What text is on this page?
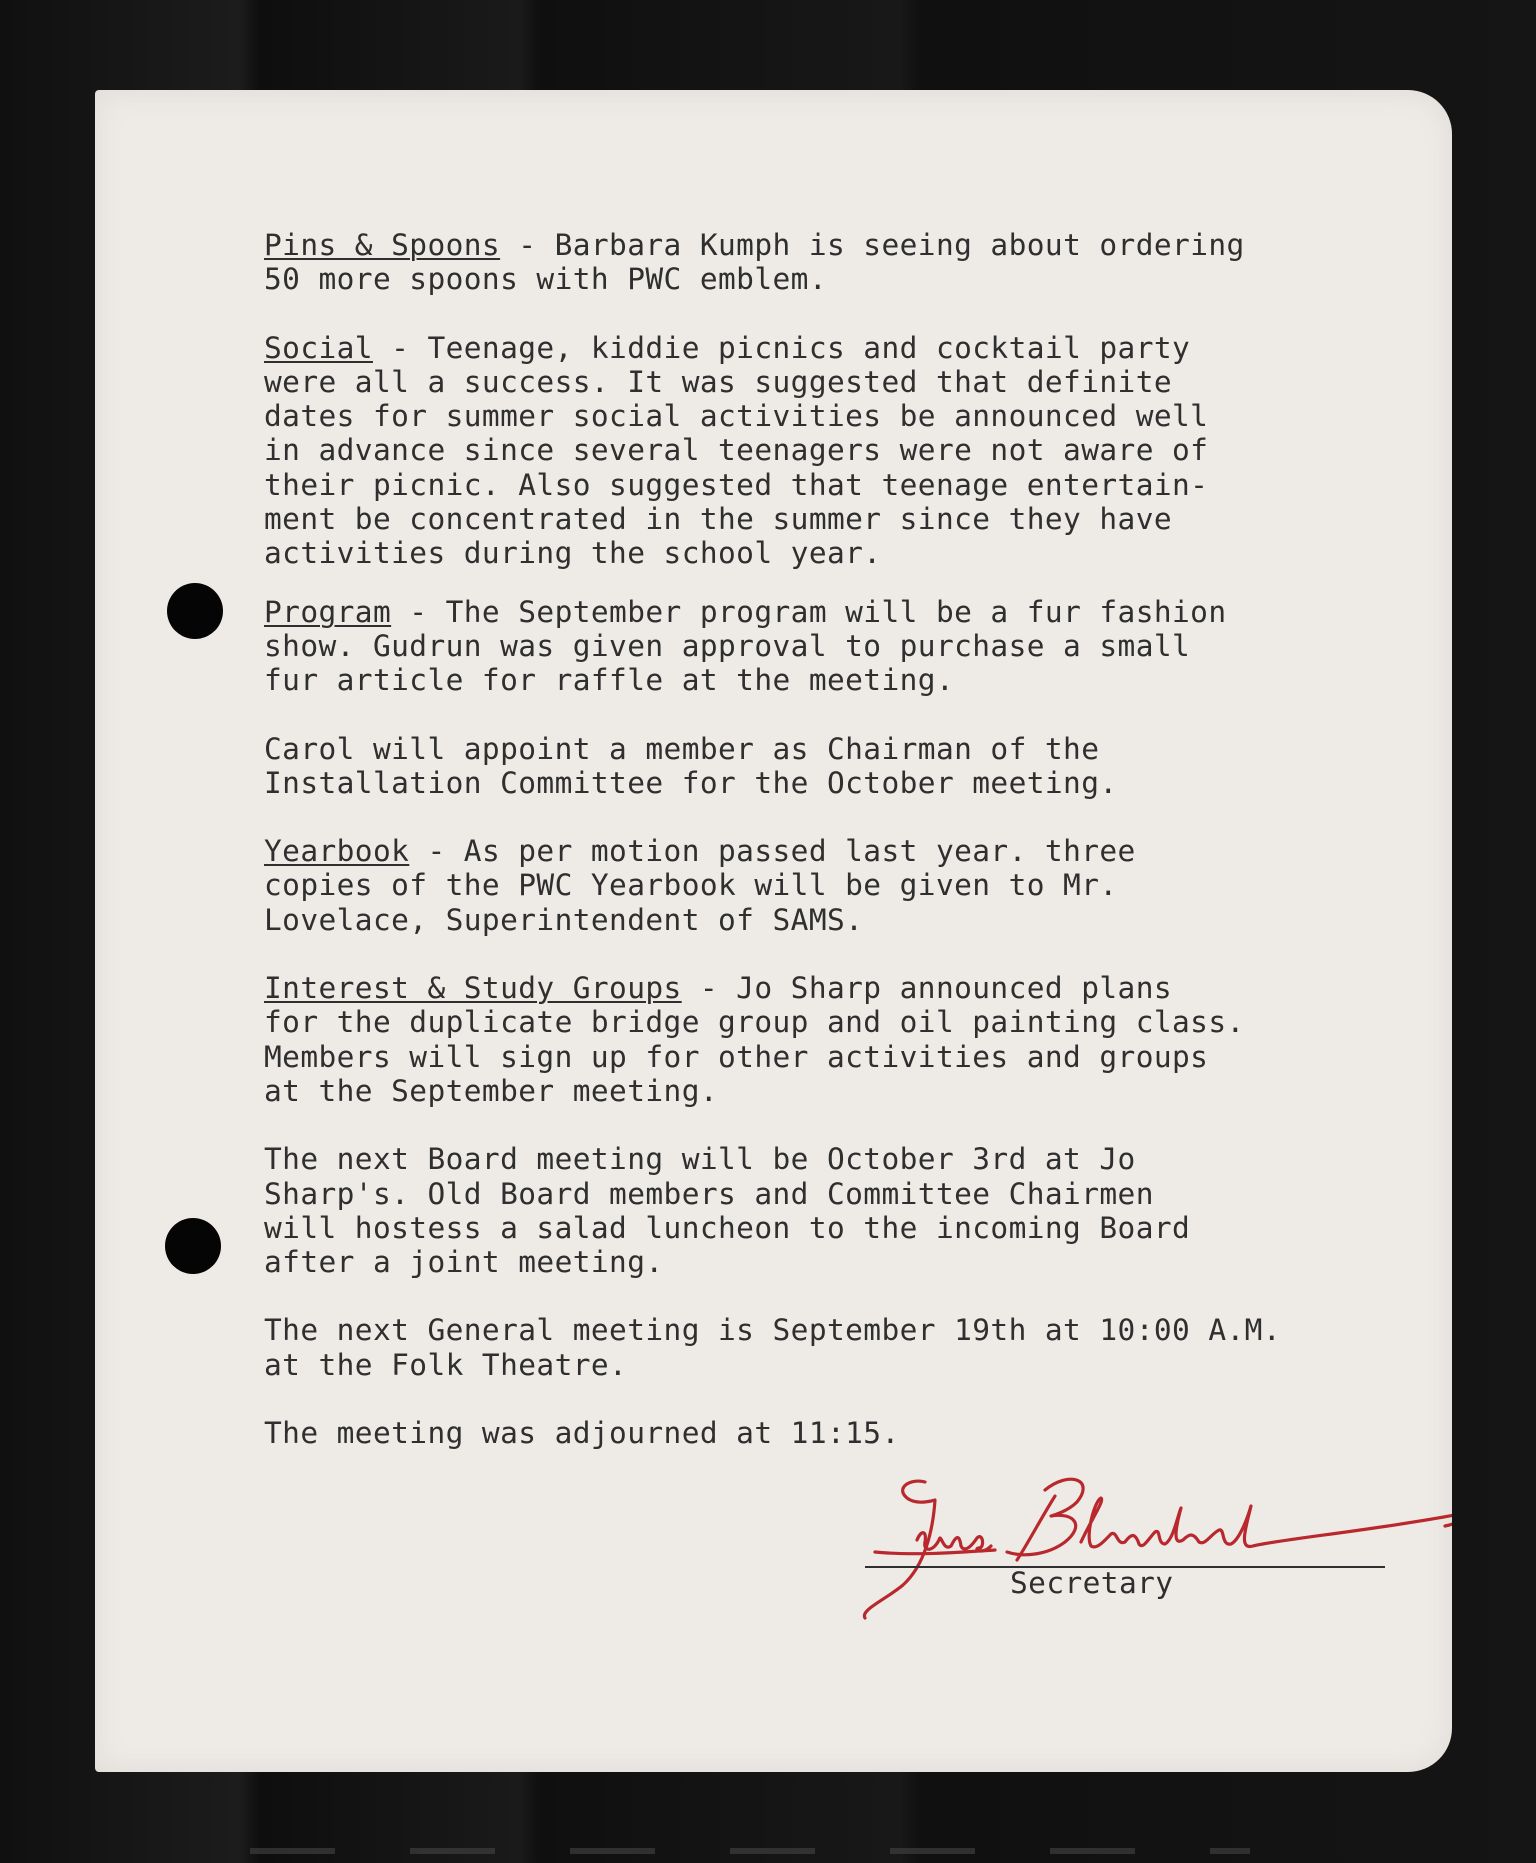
Pins & Spoons - Barbara Kumph is seeing about ordering
50 more spoons with PWC emblem.
Social - Teenage, kiddie picnics and cocktail party
were all a success. It was suggested that definite
dates for summer social activities be announced well
in advance since several teenagers were not aware of
their picnic. Also suggested that teenage entertain-
ment be concentrated in the summer since they have
activities during the school year.
Program - The September program will be a fur fashion
show. Gudrun was given approval to purchase a small
fur article for raffle at the meeting.
Carol will appoint a member as Chairman of the
Installation Committee for the October meeting.
Yearbook - As per motion passed last year. three
copies of the PWC Yearbook will be given to Mr.
Lovelace, Superintendent of SAMS.
Interest & Study Groups - Jo Sharp announced plans
for the duplicate bridge group and oil painting class.
Members will sign up for other activities and groups
at the September meeting.
The next Board meeting will be October 3rd at Jo
Sharp's. Old Board members and Committee Chairmen
will hostess a salad luncheon to the incoming Board
after a joint meeting.
The next General meeting is September 19th at 10:00 A.M.
at the Folk Theatre.
The meeting was adjourned at 11:15.
Secretary
